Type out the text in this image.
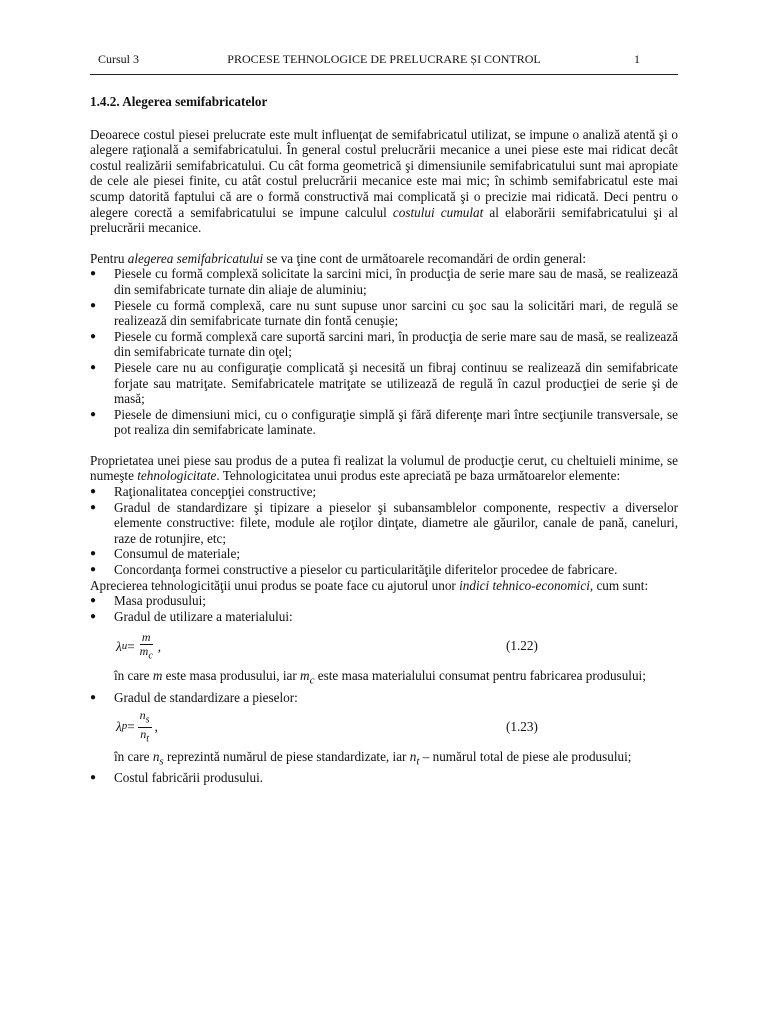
Cursul 3	PROCESE TEHNOLOGICE DE PRELUCRARE ȘI CONTROL	1
1.4.2. Alegerea semifabricatelor

Deoarece costul piesei prelucrate este mult influenţat de semifabricatul utilizat, se impune o analiză atentă şi o alegere raţională a semifabricatului. În general costul prelucrării mecanice a unei piese este mai ridicat decât costul realizării semifabricatului. Cu cât forma geometrică şi dimensiunile semifabricatului sunt mai apropiate de cele ale piesei finite, cu atât costul prelucrării mecanice este mai mic; în schimb semifabricatul este mai scump datorită faptului că are o formă constructivă mai complicată şi o precizie mai ridicată. Deci pentru o alegere corectă a semifabricatului se impune calculul costului cumulat al elaborării semifabricatului şi al prelucrării mecanice.

Pentru alegerea semifabricatului se va ţine cont de următoarele recomandări de ordin general:

● Piesele cu formă complexă solicitate la sarcini mici, în producţia de serie mare sau de masă, se realizează din semifabricate turnate din aliaje de aluminiu;
● Piesele cu formă complexă, care nu sunt supuse unor sarcini cu şoc sau la solicitări mari, de regulă se realizează din semifabricate turnate din fontă cenuşie;
● Piesele cu formă complexă care suportă sarcini mari, în producţia de serie mare sau de masă, se realizează din semifabricate turnate din oţel;
● Piesele care nu au configuraţie complicată şi necesită un fibraj continuu se realizează din semifabricate forjate sau matriţate. Semifabricatele matriţate se utilizează de regulă în cazul producţiei de serie şi de masă;
● Piesele de dimensiuni mici, cu o configuraţie simplă şi fără diferenţe mari între secţiunile transversale, se pot realiza din semifabricate laminate.

Proprietatea unei piese sau produs de a putea fi realizat la volumul de producţie cerut, cu cheltuieli minime, se numeşte tehnologicitate. Tehnologicitatea unui produs este apreciată pe baza următoarelor elemente:

● Raţionalitatea concepţiei constructive;
● Gradul de standardizare şi tipizare a pieselor şi subansamblelor componente, respectiv a diverselor elemente constructive: filete, module ale roţilor dinţate, diametre ale găurilor, canale de pană, caneluri, raze de rotunjire, etc;
● Consumul de materiale;
● Concordanţa formei constructive a pieselor cu particularităţile diferitelor procedee de fabricare.

Aprecierea tehnologicităţii unui produs se poate face cu ajutorul unor indici tehnico-economici, cum sunt:

● Masa produsului;
● Gradul de utilizare a materialului:
λ $u = \frac{m}{m_c}$ ,	(1.22)

în care m este masa produsului, iar $m_c$ este masa materialului consumat pentru fabricarea produsului;

● Gradul de standardizare a pieselor:
λ $p = \frac{n_s}{n_t}$ ,	(1.23)

în care $n_s$ reprezintă numărul de piese standardizate, iar $n_t$ – numărul total de piese ale produsului;

● Costul fabricării produsului.
